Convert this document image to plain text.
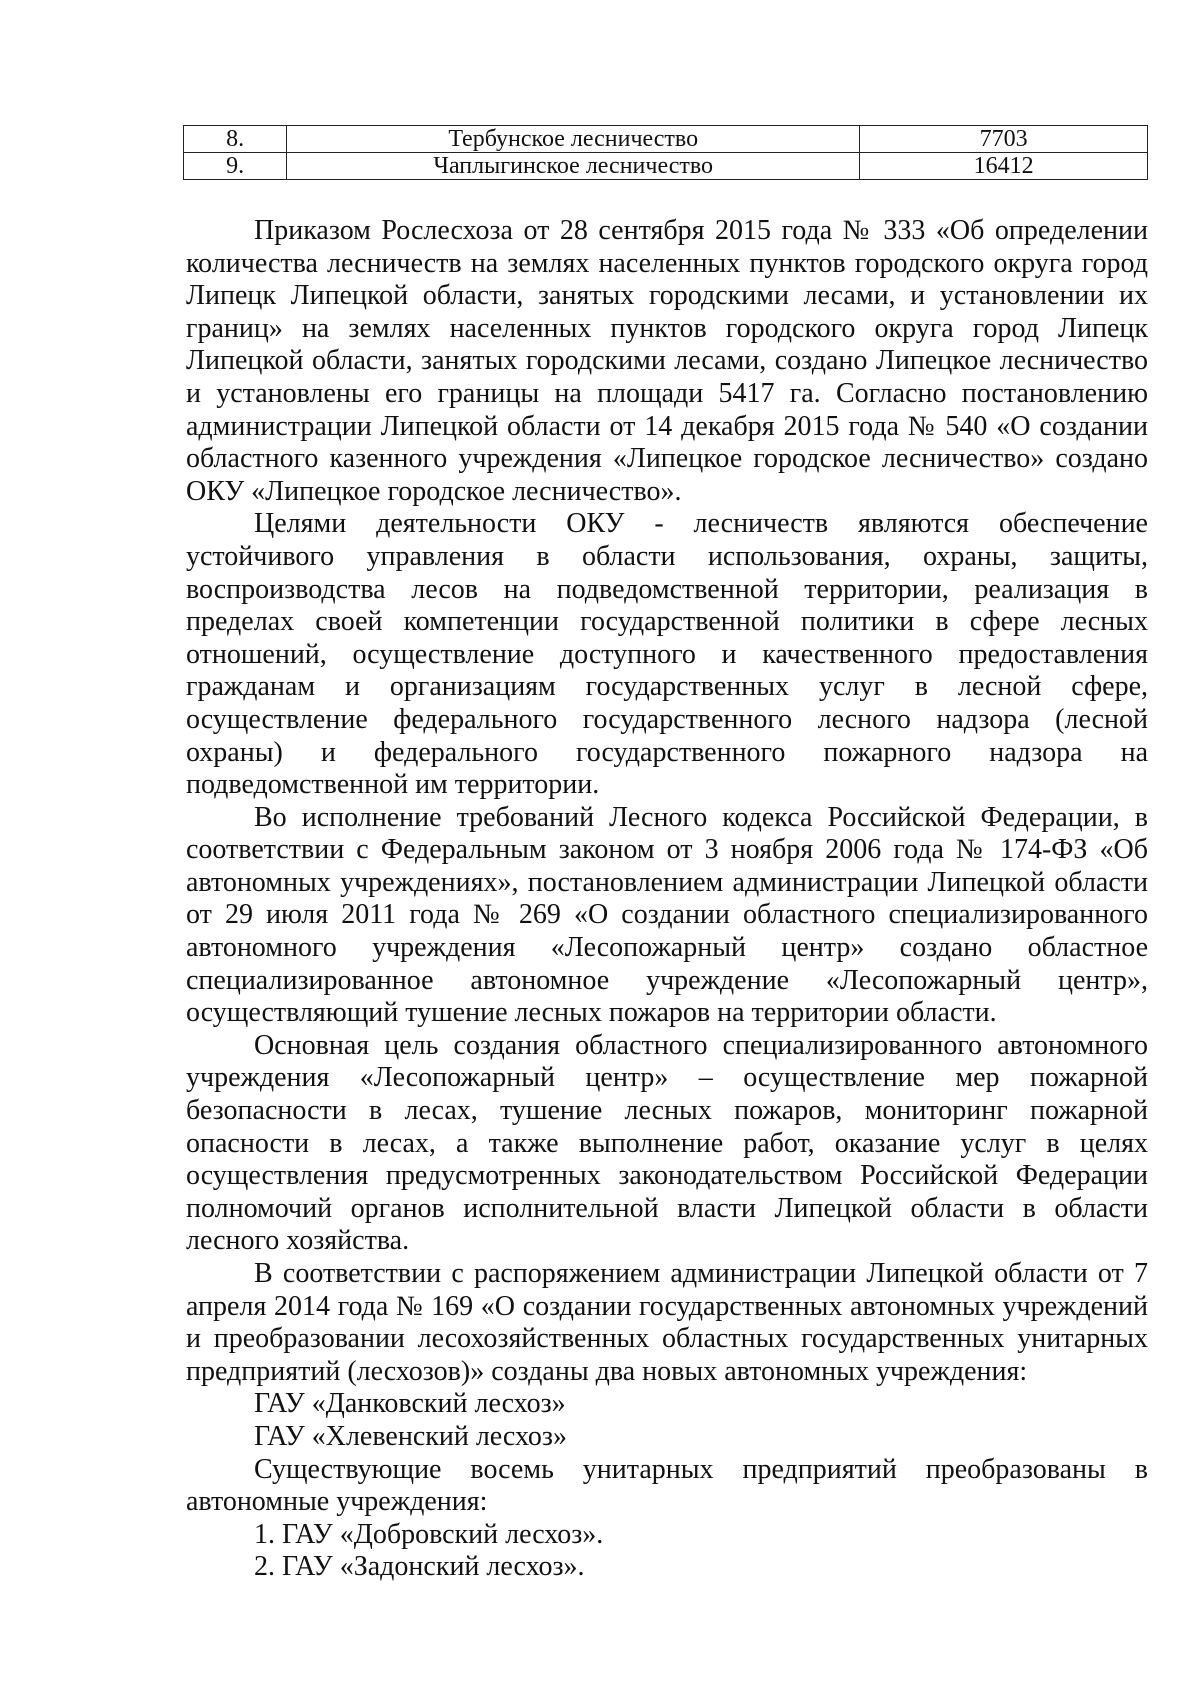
8.	Тербунское лесничество	7703
9.	Чаплыгинское лесничество	16412

Приказом Рослесхоза от 28 сентября 2015 года № 333 «Об определении количества лесничеств на землях населенных пунктов городского округа город Липецк Липецкой области, занятых городскими лесами, и установлении их границ» на землях населенных пунктов городского округа город Липецк Липецкой области, занятых городскими лесами, создано Липецкое лесничество и установлены его границы на площади 5417 га. Согласно постановлению администрации Липецкой области от 14 декабря 2015 года № 540 «О создании областного казенного учреждения «Липецкое городское лесничество» создано ОКУ «Липецкое городское лесничество».

Целями деятельности ОКУ - лесничеств являются обеспечение устойчивого управления в области использования, охраны, защиты, воспроизводства лесов на подведомственной территории, реализация в пределах своей компетенции государственной политики в сфере лесных отношений, осуществление доступного и качественного предоставления гражданам и организациям государственных услуг в лесной сфере, осуществление федерального государственного лесного надзора (лесной охраны) и федерального государственного пожарного надзора на подведомственной им территории.

Во исполнение требований Лесного кодекса Российской Федерации, в соответствии с Федеральным законом от 3 ноября 2006 года № 174-ФЗ «Об автономных учреждениях», постановлением администрации Липецкой области от 29 июля 2011 года № 269 «О создании областного специализированного автономного учреждения «Лесопожарный центр» создано областное специализированное автономное учреждение «Лесопожарный центр», осуществляющий тушение лесных пожаров на территории области.

Основная цель создания областного специализированного автономного учреждения «Лесопожарный центр» – осуществление мер пожарной безопасности в лесах, тушение лесных пожаров, мониторинг пожарной опасности в лесах, а также выполнение работ, оказание услуг в целях осуществления предусмотренных законодательством Российской Федерации полномочий органов исполнительной власти Липецкой области в области лесного хозяйства.

В соответствии с распоряжением администрации Липецкой области от 7 апреля 2014 года № 169 «О создании государственных автономных учреждений и преобразовании лесохозяйственных областных государственных унитарных предприятий (лесхозов)» созданы два новых автономных учреждения:

ГАУ «Данковский лесхоз»

ГАУ «Хлевенский лесхоз»

Существующие восемь унитарных предприятий преобразованы в автономные учреждения:

1. ГАУ «Добровский лесхоз».

2. ГАУ «Задонский лесхоз».
